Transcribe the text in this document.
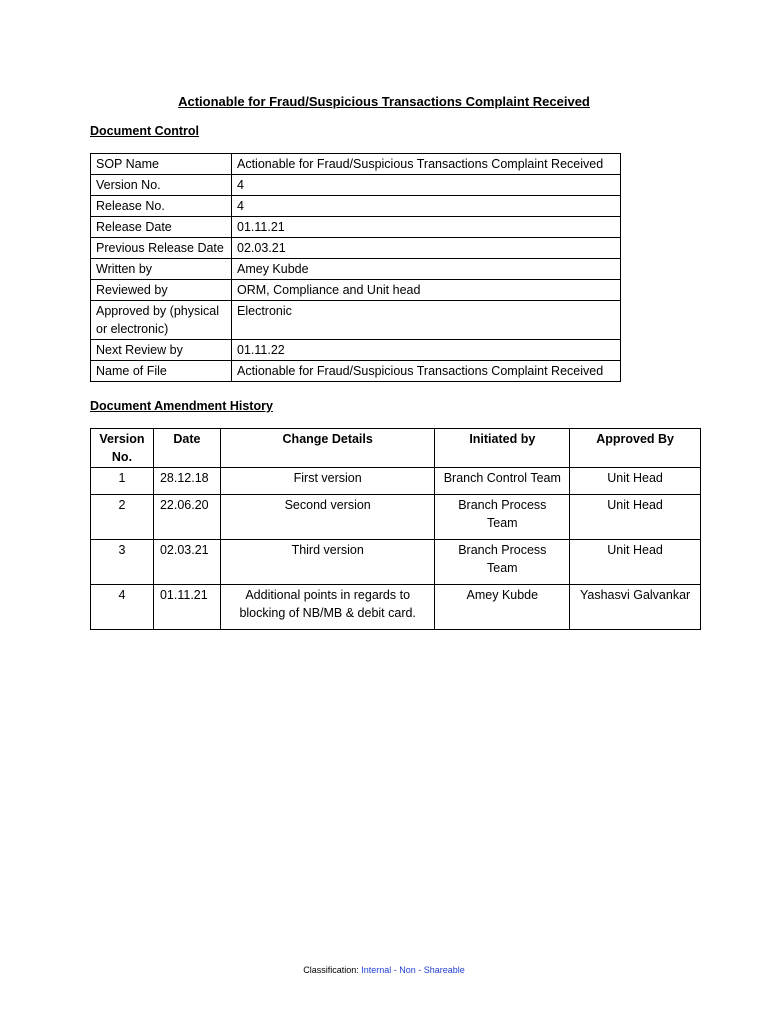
Actionable for Fraud/Suspicious Transactions Complaint Received
Document Control
SOP Name	Actionable for Fraud/Suspicious Transactions Complaint Received
Version No.	4
Release No.	4
Release Date	01.11.21
Previous Release Date	02.03.21
Written by	Amey Kubde
Reviewed by	ORM, Compliance and Unit head
Approved by (physical or electronic)	Electronic
Next Review by	01.11.22
Name of File	Actionable for Fraud/Suspicious Transactions Complaint Received
Document Amendment History
Version No.	Date	Change Details	Initiated by	Approved By
1	28.12.18	First version	Branch Control Team	Unit Head
2	22.06.20	Second version	Branch Process Team	Unit Head
3	02.03.21	Third version	Branch Process Team	Unit Head
4	01.11.21	Additional points in regards to blocking of NB/MB & debit card.	Amey Kubde	Yashasvi Galvankar
Classification: Internal - Non - Shareable
